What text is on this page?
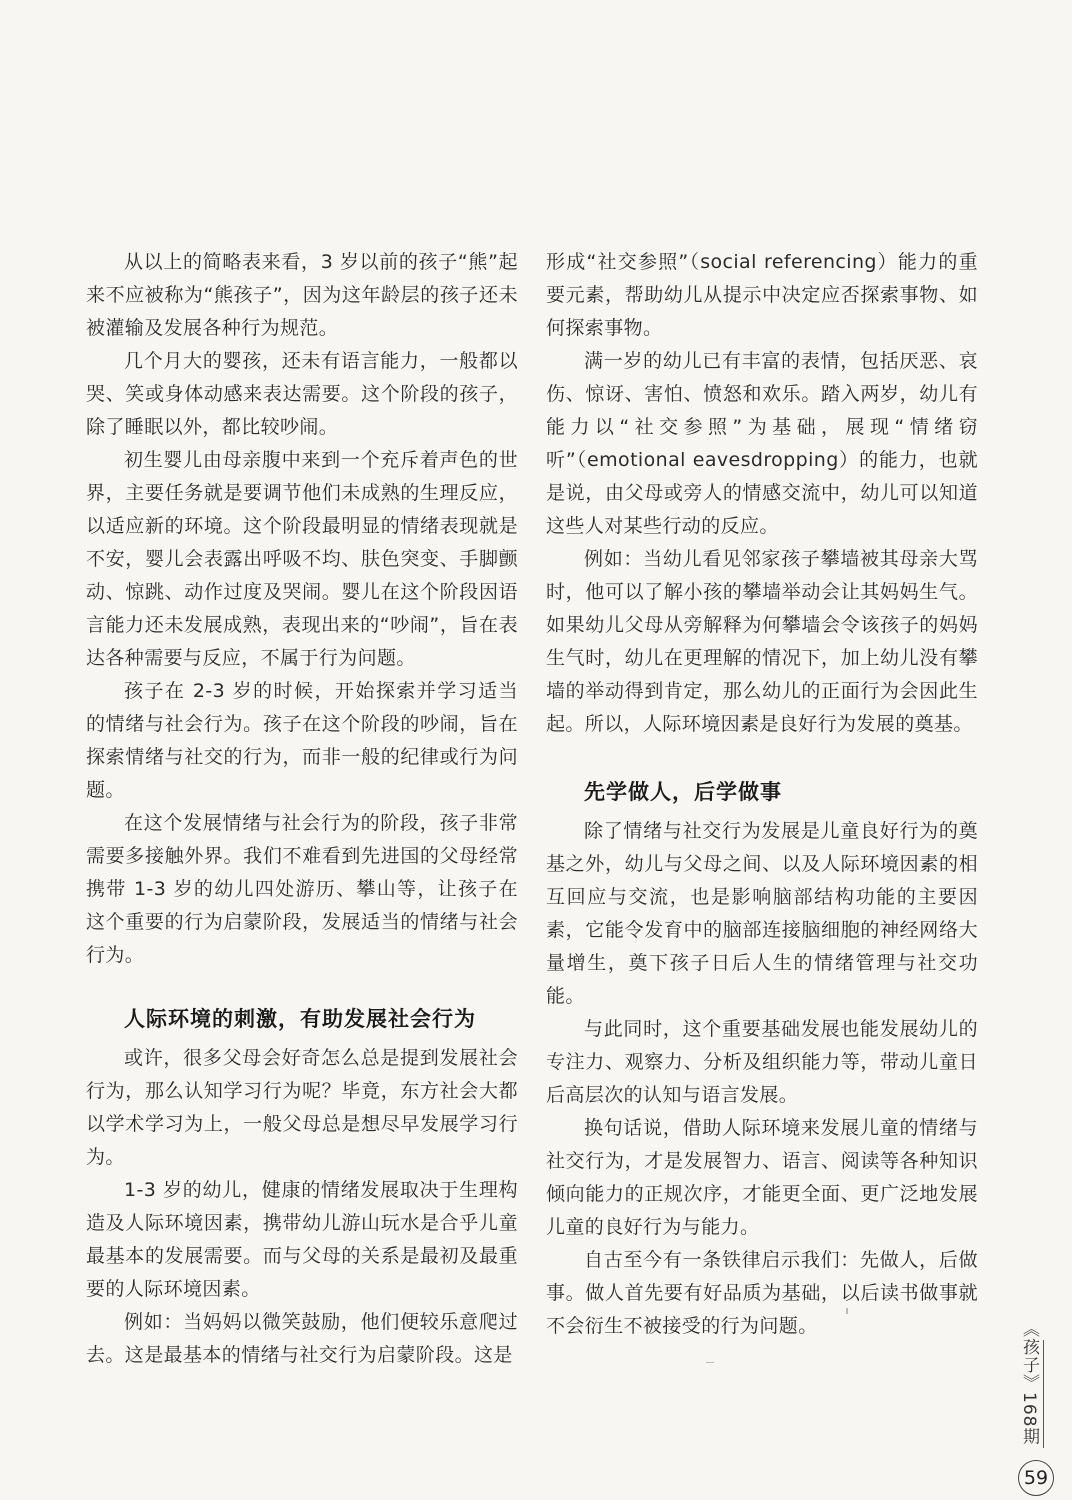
从以上的简略表来看，3 岁以前的孩子“熊”起来不应被称为“熊孩子”，因为这年龄层的孩子还未被灌输及发展各种行为规范。

几个月大的婴孩，还未有语言能力，一般都以哭、笑或身体动感来表达需要。这个阶段的孩子，除了睡眠以外，都比较吵闹。

初生婴儿由母亲腹中来到一个充斥着声色的世界，主要任务就是要调节他们未成熟的生理反应，以适应新的环境。这个阶段最明显的情绪表现就是不安，婴儿会表露出呼吸不均、肤色突变、手脚颤动、惊跳、动作过度及哭闹。婴儿在这个阶段因语言能力还未发展成熟，表现出来的“吵闹”，旨在表达各种需要与反应，不属于行为问题。

孩子在 2-3 岁的时候，开始探索并学习适当的情绪与社会行为。孩子在这个阶段的吵闹，旨在探索情绪与社交的行为，而非一般的纪律或行为问题。

在这个发展情绪与社会行为的阶段，孩子非常需要多接触外界。我们不难看到先进国的父母经常携带 1-3 岁的幼儿四处游历、攀山等，让孩子在这个重要的行为启蒙阶段，发展适当的情绪与社会行为。

人际环境的刺激，有助发展社会行为

或许，很多父母会好奇怎么总是提到发展社会行为，那么认知学习行为呢？毕竟，东方社会大都以学术学习为上，一般父母总是想尽早发展学习行为。

1-3 岁的幼儿，健康的情绪发展取决于生理构造及人际环境因素，携带幼儿游山玩水是合乎儿童最基本的发展需要。而与父母的关系是最初及最重要的人际环境因素。

例如：当妈妈以微笑鼓励，他们便较乐意爬过去。这是最基本的情绪与社交行为启蒙阶段。这是

形成“社交参照”（social referencing）能力的重要元素，帮助幼儿从提示中决定应否探索事物、如何探索事物。

满一岁的幼儿已有丰富的表情，包括厌恶、哀伤、惊讶、害怕、愤怒和欢乐。踏入两岁，幼儿有能力以“社交参照”为基础，展现“情绪窃听”（emotional eavesdropping）的能力，也就是说，由父母或旁人的情感交流中，幼儿可以知道这些人对某些行动的反应。

例如：当幼儿看见邻家孩子攀墙被其母亲大骂时，他可以了解小孩的攀墙举动会让其妈妈生气。如果幼儿父母从旁解释为何攀墙会令该孩子的妈妈生气时，幼儿在更理解的情况下，加上幼儿没有攀墙的举动得到肯定，那么幼儿的正面行为会因此生起。所以，人际环境因素是良好行为发展的奠基。

先学做人，后学做事

除了情绪与社交行为发展是儿童良好行为的奠基之外，幼儿与父母之间、以及人际环境因素的相互回应与交流，也是影响脑部结构功能的主要因素，它能令发育中的脑部连接脑细胞的神经网络大量增生，奠下孩子日后人生的情绪管理与社交功能。

与此同时，这个重要基础发展也能发展幼儿的专注力、观察力、分析及组织能力等，带动儿童日后高层次的认知与语言发展。

换句话说，借助人际环境来发展儿童的情绪与社交行为，才是发展智力、语言、阅读等各种知识倾向能力的正规次序，才能更全面、更广泛地发展儿童的良好行为与能力。

自古至今有一条铁律启示我们：先做人，后做事。做人首先要有好品质为基础，以后读书做事就不会衍生不被接受的行为问题。	《孩子》168期
59
